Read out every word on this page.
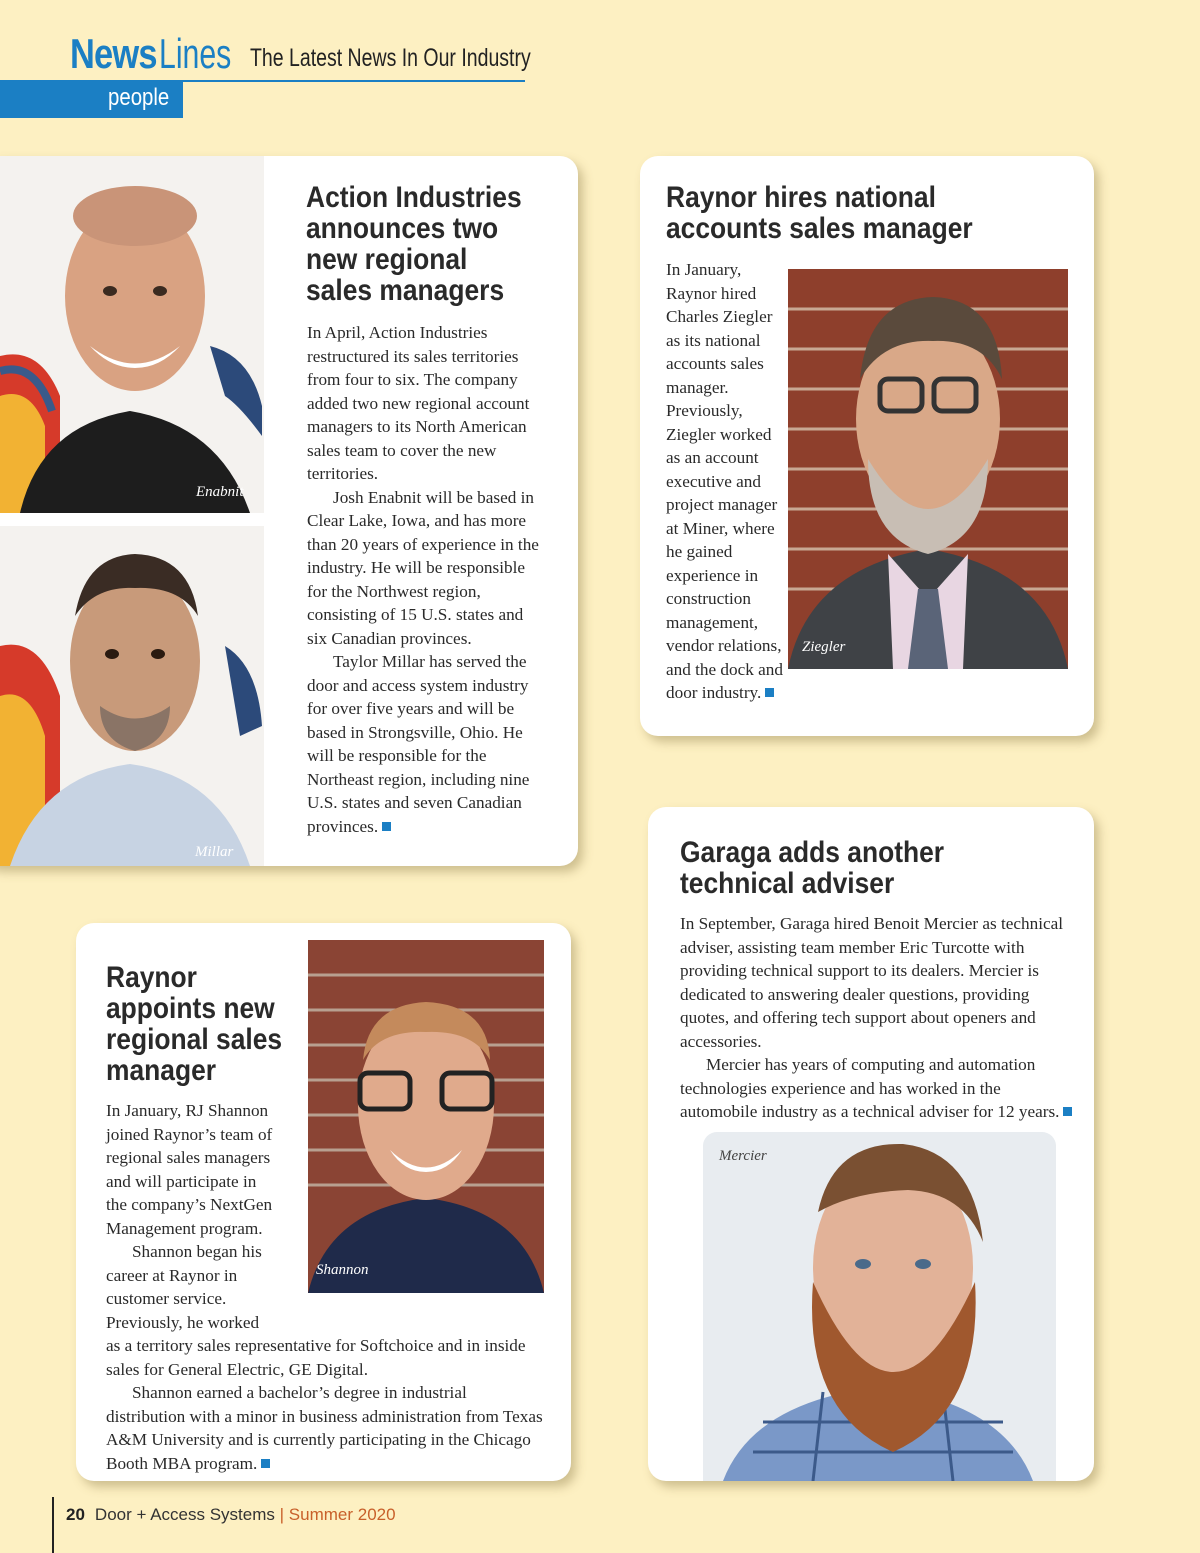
News Lines The Latest News In Our Industry
people
Enabnit
Millar
Action Industries announces two new regional sales managers

In April, Action Industries restructured its sales territories from four to six. The company added two new regional account managers to its North American sales team to cover the new territories.

Josh Enabnit will be based in Clear Lake, Iowa, and has more than 20 years of experience in the industry. He will be responsible for the Northwest region, consisting of 15 U.S. states and six Canadian provinces.

Taylor Millar has served the door and access system industry for over five years and will be based in Strongsville, Ohio. He will be responsible for the Northeast region, including nine U.S. states and seven Canadian provinces.

Raynor hires national accounts sales manager
Ziegler
In January, Raynor hired Charles Ziegler as its national accounts sales manager. Previously, Ziegler worked as an account executive and project manager at Miner, where he gained experience in construction management, vendor relations, and the dock and door industry.
Raynor appoints new regional sales manager
Shannon

In January, RJ Shannon joined Raynor’s team of regional sales managers and will participate in the company’s NextGen Management program.

Shannon began his career at Raynor in customer service. Previously, he worked as a territory sales representative for Softchoice and in inside sales for General Electric, GE Digital.

Shannon earned a bachelor’s degree in industrial distribution with a minor in business administration from Texas A&M University and is currently participating in the Chicago Booth MBA program.

Garaga adds another technical adviser

In September, Garaga hired Benoit Mercier as technical adviser, assisting team member Eric Turcotte with providing technical support to its dealers. Mercier is dedicated to answering dealer questions, providing quotes, and offering tech support about openers and accessories.

Mercier has years of computing and automation technologies experience and has worked in the automobile industry as a technical adviser for 12 years.

Mercier
20 Door + Access Systems | Summer 2020
